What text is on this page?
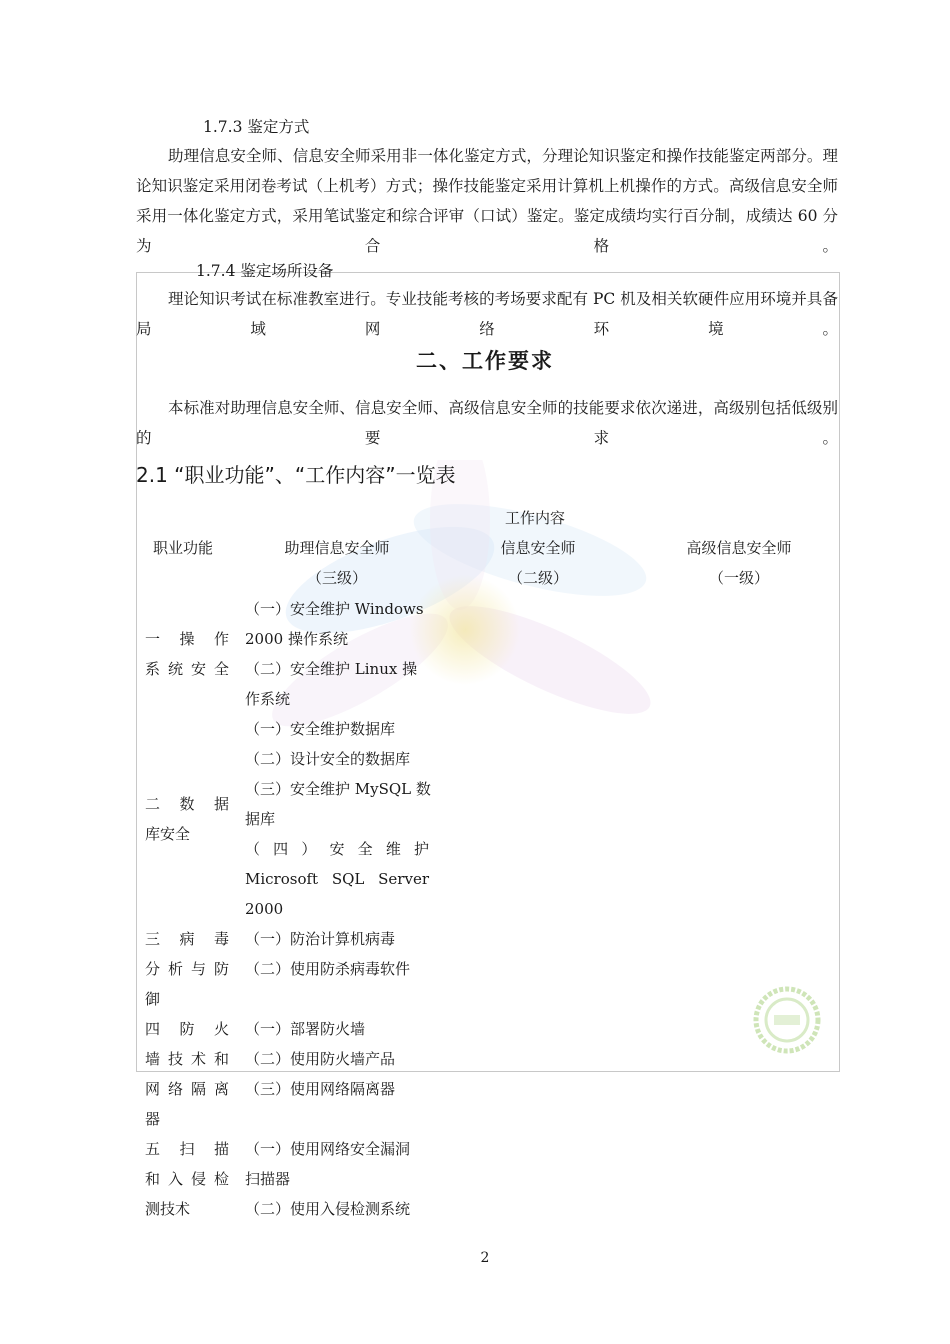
1.7.3 鉴定方式
助理信息安全师、信息安全师采用非一体化鉴定方式，分理论知识鉴定和操作技能鉴定两部分。理论知识鉴定采用闭卷考试（上机考）方式；操作技能鉴定采用计算机上机操作的方式。高级信息安全师采用一体化鉴定方式，采用笔试鉴定和综合评审（口试）鉴定。鉴定成绩均实行百分制，成绩达 60 分为合格。
1.7.4 鉴定场所设备
理论知识考试在标准教室进行。专业技能考核的考场要求配有 PC 机及相关软硬件应用环境并具备局域网络环境。
二、工作要求
本标准对助理信息安全师、信息安全师、高级信息安全师的技能要求依次递进，高级别包括低级别的要求。
2.1 “职业功能”、“工作内容”一览表
工作内容
职业功能	助理信息安全师
（三级）
信息安全师
（二级）
高级信息安全师
（一级）
一 操 作
系统安全
（一）安全维护 Windows
2000 操作系统
（二）安全维护 Linux 操
作系统
二 数 据
库安全
（一）安全维护数据库
（二）设计安全的数据库
（三）安全维护 MySQL 数
据库
（ 四 ） 安 全 维 护
Microsoft SQL Server
2000
三 病 毒
分 析 与 防
御
（一）防治计算机病毒
（二）使用防杀病毒软件
四 防 火
墙 技 术 和
网 络 隔 离
器
（一）部署防火墙
（二）使用防火墙产品
（三）使用网络隔离器
五 扫 描
和 入 侵 检
测技术
（一）使用网络安全漏洞
扫描器
（二）使用入侵检测系统
2
